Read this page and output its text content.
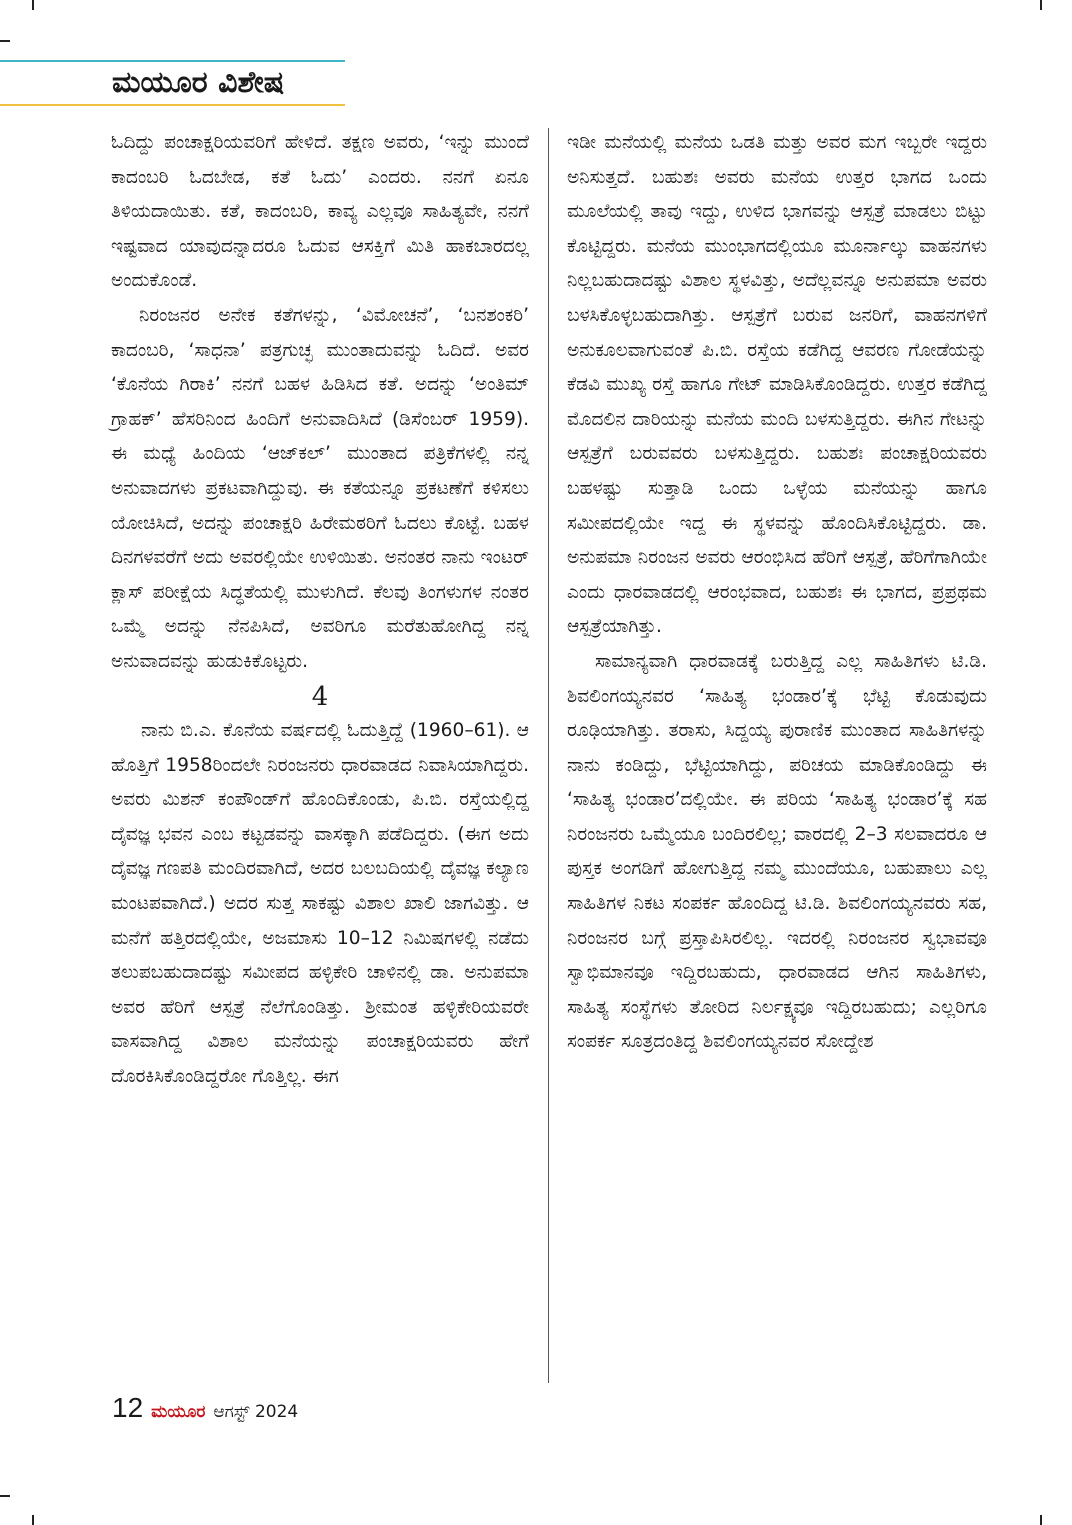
ಮಯೂರ ವಿಶೇಷ

ಓದಿದ್ದು ಪಂಚಾಕ್ಷರಿಯವರಿಗೆ ಹೇಳಿದೆ. ತಕ್ಷಣ ಅವರು, ‘ಇನ್ನು ಮುಂದೆ ಕಾದಂಬರಿ ಓದಬೇಡ, ಕತೆ ಓದು’ ಎಂದರು. ನನಗೆ ಏನೂ ತಿಳಿಯದಾಯಿತು. ಕತೆ, ಕಾದಂಬರಿ, ಕಾವ್ಯ ಎಲ್ಲವೂ ಸಾಹಿತ್ಯವೇ, ನನಗೆ ಇಷ್ಟವಾದ ಯಾವುದನ್ನಾದರೂ ಓದುವ ಆಸಕ್ತಿಗೆ ಮಿತಿ ಹಾಕಬಾರದಲ್ಲ ಅಂದುಕೊಂಡೆ.

ನಿರಂಜನರ ಅನೇಕ ಕತೆಗಳನ್ನು, ‘ವಿಮೋಚನೆ’, ‘ಬನಶಂಕರಿ’ ಕಾದಂಬರಿ, ‘ಸಾಧನಾ’ ಪತ್ರಗುಚ್ಛ ಮುಂತಾದುವನ್ನು ಓದಿದೆ. ಅವರ ‘ಕೊನೆಯ ಗಿರಾಕಿ’ ನನಗೆ ಬಹಳ ಹಿಡಿಸಿದ ಕತೆ. ಅದನ್ನು ‘ಅಂತಿಮ್ ಗ್ರಾಹಕ್’ ಹೆಸರಿನಿಂದ ಹಿಂದಿಗೆ ಅನುವಾದಿಸಿದೆ (ಡಿಸೆಂಬರ್ 1959). ಈ ಮಧ್ಯೆ ಹಿಂದಿಯ ‘ಆಜ್‌ಕಲ್’ ಮುಂತಾದ ಪತ್ರಿಕೆಗಳಲ್ಲಿ ನನ್ನ ಅನುವಾದಗಳು ಪ್ರಕಟವಾಗಿದ್ದುವು. ಈ ಕತೆಯನ್ನೂ ಪ್ರಕಟಣೆಗೆ ಕಳಿಸಲು ಯೋಚಿಸಿದೆ, ಅದನ್ನು ಪಂಚಾಕ್ಷರಿ ಹಿರೇಮಠರಿಗೆ ಓದಲು ಕೊಟ್ಟೆ. ಬಹಳ ದಿನಗಳವರೆಗೆ ಅದು ಅವರಲ್ಲಿಯೇ ಉಳಿಯಿತು. ಅನಂತರ ನಾನು ಇಂಟರ್ ಕ್ಲಾಸ್ ಪರೀಕ್ಷೆಯ ಸಿದ್ಧತೆಯಲ್ಲಿ ಮುಳುಗಿದೆ. ಕೆಲವು ತಿಂಗಳುಗಳ ನಂತರ ಒಮ್ಮೆ ಅದನ್ನು ನೆನಪಿಸಿದೆ, ಅವರಿಗೂ ಮರೆತುಹೋಗಿದ್ದ ನನ್ನ ಅನುವಾದವನ್ನು ಹುಡುಕಿಕೊಟ್ಟರು.

4

ನಾನು ಬಿ.ಎ. ಕೊನೆಯ ವರ್ಷದಲ್ಲಿ ಓದುತ್ತಿದ್ದೆ (1960–61). ಆ ಹೊತ್ತಿಗೆ 1958ರಿಂದಲೇ ನಿರಂಜನರು ಧಾರವಾಡದ ನಿವಾಸಿಯಾಗಿದ್ದರು. ಅವರು ಮಿಶನ್ ಕಂಪೌಂಡ್‌ಗೆ ಹೊಂದಿಕೊಂಡು, ಪಿ.ಬಿ. ರಸ್ತೆಯಲ್ಲಿದ್ದ ದೈವಜ್ಞ ಭವನ ಎಂಬ ಕಟ್ಟಡವನ್ನು ವಾಸಕ್ಕಾಗಿ ಪಡೆದಿದ್ದರು. (ಈಗ ಅದು ದೈವಜ್ಞ ಗಣಪತಿ ಮಂದಿರವಾಗಿದೆ, ಅದರ ಬಲಬದಿಯಲ್ಲಿ ದೈವಜ್ಞ ಕಲ್ಯಾಣ ಮಂಟಪವಾಗಿದೆ.) ಅದರ ಸುತ್ತ ಸಾಕಷ್ಟು ವಿಶಾಲ ಖಾಲಿ ಜಾಗವಿತ್ತು. ಆ ಮನೆಗೆ ಹತ್ತಿರದಲ್ಲಿಯೇ, ಅಜಮಾಸು 10–12 ನಿಮಿಷಗಳಲ್ಲಿ ನಡೆದು ತಲುಪಬಹುದಾದಷ್ಟು ಸಮೀಪದ ಹಳ್ಳಿಕೇರಿ ಚಾಳಿನಲ್ಲಿ ಡಾ. ಅನುಪಮಾ ಅವರ ಹೆರಿಗೆ ಆಸ್ಪತ್ರೆ ನೆಲೆಗೊಂಡಿತ್ತು. ಶ್ರೀಮಂತ ಹಳ್ಳಿಕೇರಿಯವರೇ ವಾಸವಾಗಿದ್ದ ವಿಶಾಲ ಮನೆಯನ್ನು ಪಂಚಾಕ್ಷರಿಯವರು ಹೇಗೆ ದೊರಕಿಸಿಕೊಂಡಿದ್ದರೋ ಗೊತ್ತಿಲ್ಲ. ಈಗ

ಇಡೀ ಮನೆಯಲ್ಲಿ ಮನೆಯ ಒಡತಿ ಮತ್ತು ಅವರ ಮಗ ಇಬ್ಬರೇ ಇದ್ದರು ಅನಿಸುತ್ತದೆ. ಬಹುಶಃ ಅವರು ಮನೆಯ ಉತ್ತರ ಭಾಗದ ಒಂದು ಮೂಲೆಯಲ್ಲಿ ತಾವು ಇದ್ದು, ಉಳಿದ ಭಾಗವನ್ನು ಆಸ್ಪತ್ರೆ ಮಾಡಲು ಬಿಟ್ಟು ಕೊಟ್ಟಿದ್ದರು. ಮನೆಯ ಮುಂಭಾಗದಲ್ಲಿಯೂ ಮೂರ್ನಾಲ್ಕು ವಾಹನಗಳು ನಿಲ್ಲಬಹುದಾದಷ್ಟು ವಿಶಾಲ ಸ್ಥಳವಿತ್ತು, ಅದೆಲ್ಲವನ್ನೂ ಅನುಪಮಾ ಅವರು ಬಳಸಿಕೊಳ್ಳಬಹುದಾಗಿತ್ತು. ಆಸ್ಪತ್ರೆಗೆ ಬರುವ ಜನರಿಗೆ, ವಾಹನಗಳಿಗೆ ಅನುಕೂಲವಾಗುವಂತೆ ಪಿ.ಬಿ. ರಸ್ತೆಯ ಕಡೆಗಿದ್ದ ಆವರಣ ಗೋಡೆಯನ್ನು ಕೆಡವಿ ಮುಖ್ಯ ರಸ್ತೆ ಹಾಗೂ ಗೇಟ್ ಮಾಡಿಸಿಕೊಂಡಿದ್ದರು. ಉತ್ತರ ಕಡೆಗಿದ್ದ ಮೊದಲಿನ ದಾರಿಯನ್ನು ಮನೆಯ ಮಂದಿ ಬಳಸುತ್ತಿದ್ದರು. ಈಗಿನ ಗೇಟನ್ನು ಆಸ್ಪತ್ರೆಗೆ ಬರುವವರು ಬಳಸುತ್ತಿದ್ದರು. ಬಹುಶಃ ಪಂಚಾಕ್ಷರಿಯವರು ಬಹಳಷ್ಟು ಸುತ್ತಾಡಿ ಒಂದು ಒಳ್ಳೆಯ ಮನೆಯನ್ನು ಹಾಗೂ ಸಮೀಪದಲ್ಲಿಯೇ ಇದ್ದ ಈ ಸ್ಥಳವನ್ನು ಹೊಂದಿಸಿಕೊಟ್ಟಿದ್ದರು. ಡಾ. ಅನುಪಮಾ ನಿರಂಜನ ಅವರು ಆರಂಭಿಸಿದ ಹೆರಿಗೆ ಆಸ್ಪತ್ರೆ, ಹೆರಿಗೆಗಾಗಿಯೇ ಎಂದು ಧಾರವಾಡದಲ್ಲಿ ಆರಂಭವಾದ, ಬಹುಶಃ ಈ ಭಾಗದ, ಪ್ರಪ್ರಥಮ ಆಸ್ಪತ್ರೆಯಾಗಿತ್ತು.

ಸಾಮಾನ್ಯವಾಗಿ ಧಾರವಾಡಕ್ಕೆ ಬರುತ್ತಿದ್ದ ಎಲ್ಲ ಸಾಹಿತಿಗಳು ಟಿ.ಡಿ. ಶಿವಲಿಂಗಯ್ಯನವರ ‘ಸಾಹಿತ್ಯ ಭಂಡಾರ’ಕ್ಕೆ ಭೆಟ್ಟಿ ಕೊಡುವುದು ರೂಢಿಯಾಗಿತ್ತು. ತರಾಸು, ಸಿದ್ದಯ್ಯ ಪುರಾಣಿಕ ಮುಂತಾದ ಸಾಹಿತಿಗಳನ್ನು ನಾನು ಕಂಡಿದ್ದು, ಭೆಟ್ಟಿಯಾಗಿದ್ದು, ಪರಿಚಯ ಮಾಡಿಕೊಂಡಿದ್ದು ಈ ‘ಸಾಹಿತ್ಯ ಭಂಡಾರ’ದಲ್ಲಿಯೇ. ಈ ಪರಿಯ ‘ಸಾಹಿತ್ಯ ಭಂಡಾರ’ಕ್ಕೆ ಸಹ ನಿರಂಜನರು ಒಮ್ಮೆಯೂ ಬಂದಿರಲಿಲ್ಲ; ವಾರದಲ್ಲಿ 2–3 ಸಲವಾದರೂ ಆ ಪುಸ್ತಕ ಅಂಗಡಿಗೆ ಹೋಗುತ್ತಿದ್ದ ನಮ್ಮ ಮುಂದೆಯೂ, ಬಹುಪಾಲು ಎಲ್ಲ ಸಾಹಿತಿಗಳ ನಿಕಟ ಸಂಪರ್ಕ ಹೊಂದಿದ್ದ ಟಿ.ಡಿ. ಶಿವಲಿಂಗಯ್ಯನವರು ಸಹ, ನಿರಂಜನರ ಬಗ್ಗೆ ಪ್ರಸ್ತಾಪಿಸಿರಲಿಲ್ಲ. ಇದರಲ್ಲಿ ನಿರಂಜನರ ಸ್ವಭಾವವೂ ಸ್ವಾಭಿಮಾನವೂ ಇದ್ದಿರಬಹುದು, ಧಾರವಾಡದ ಆಗಿನ ಸಾಹಿತಿಗಳು, ಸಾಹಿತ್ಯ ಸಂಸ್ಥೆಗಳು ತೋರಿದ ನಿರ್ಲಕ್ಷ್ಯವೂ ಇದ್ದಿರಬಹುದು; ಎಲ್ಲರಿಗೂ ಸಂಪರ್ಕ ಸೂತ್ರದಂತಿದ್ದ ಶಿವಲಿಂಗಯ್ಯನವರ ಸೋದ್ದೇಶ

12 ಮಯೂರ ಆಗಸ್ಟ್ 2024
